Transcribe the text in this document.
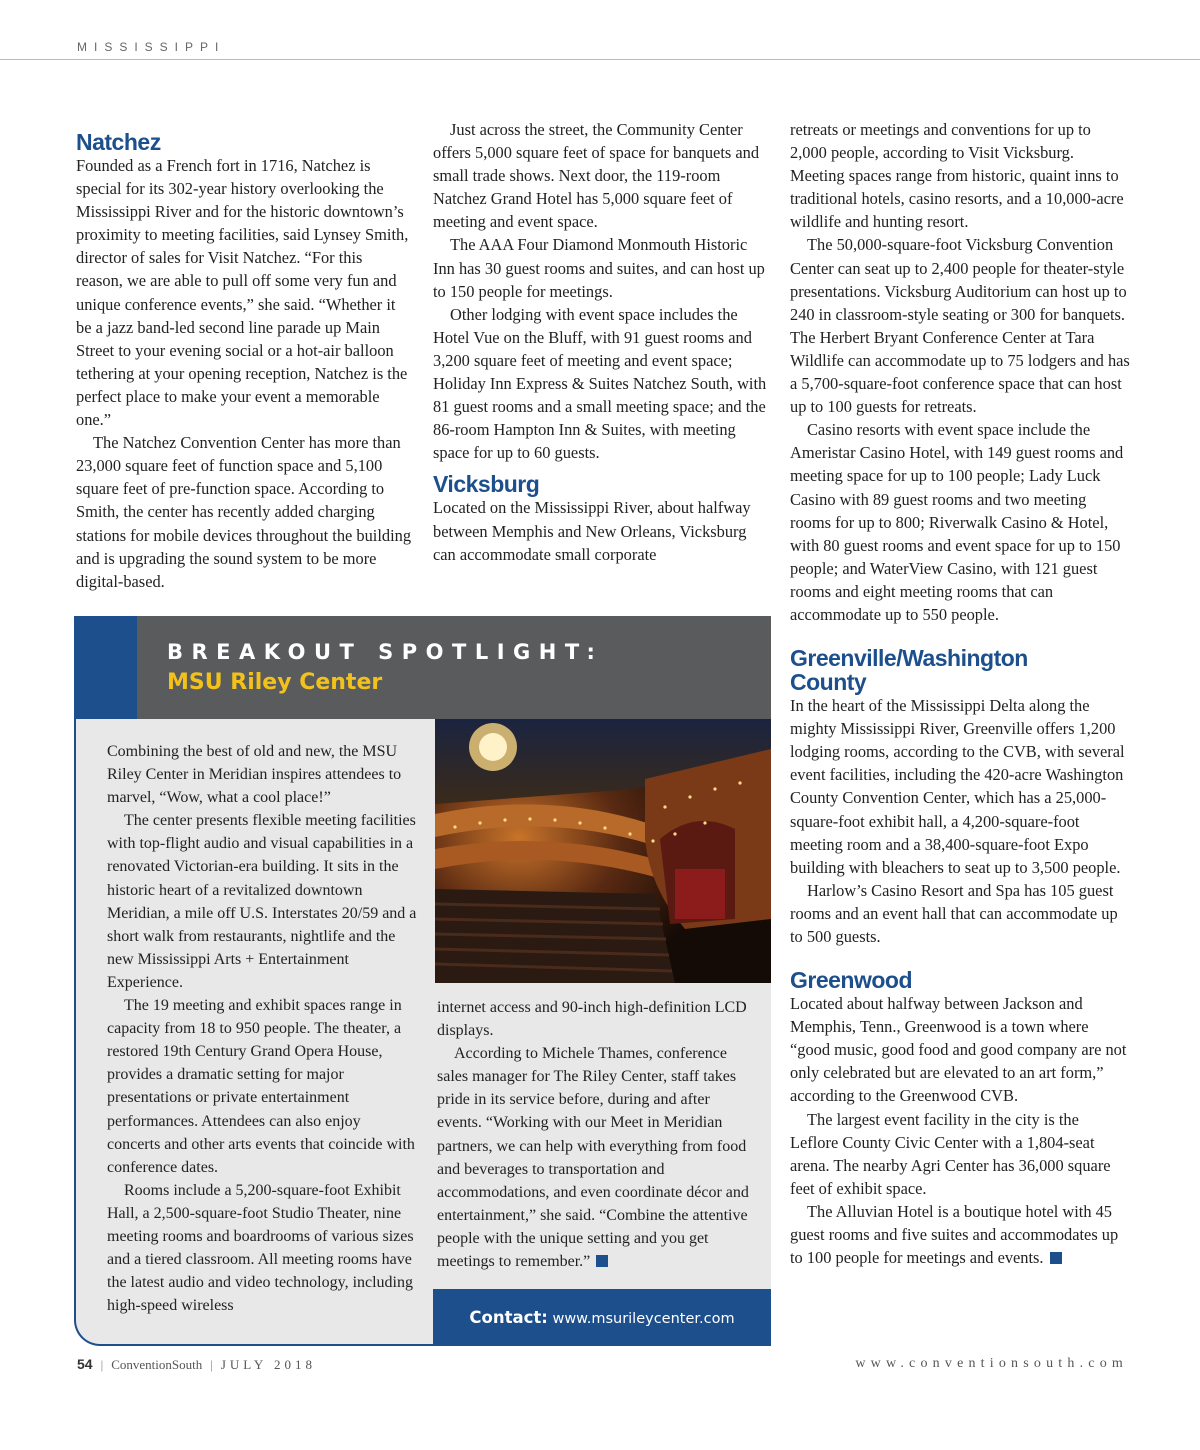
MISSISSIPPI
Natchez

Founded as a French fort in 1716, Natchez is special for its 302-year history overlooking the Mississippi River and for the historic downtown’s proximity to meeting facilities, said Lynsey Smith, director of sales for Visit Natchez. “For this reason, we are able to pull off some very fun and unique conference events,” she said. “Whether it be a jazz band-led second line parade up Main Street to your evening social or a hot-air balloon tethering at your opening reception, Natchez is the perfect place to make your event a memorable one.”

The Natchez Convention Center has more than 23,000 square feet of function space and 5,100 square feet of pre-function space. According to Smith, the center has recently added charging stations for mobile devices throughout the building and is upgrading the sound system to be more digital-based.

Just across the street, the Community Center offers 5,000 square feet of space for banquets and small trade shows. Next door, the 119-room Natchez Grand Hotel has 5,000 square feet of meeting and event space.

The AAA Four Diamond Monmouth Historic Inn has 30 guest rooms and suites, and can host up to 150 people for meetings.

Other lodging with event space includes the Hotel Vue on the Bluff, with 91 guest rooms and 3,200 square feet of meeting and event space; Holiday Inn Express & Suites Natchez South, with 81 guest rooms and a small meeting space; and the 86-room Hampton Inn & Suites, with meeting space for up to 60 guests.

Vicksburg

Located on the Mississippi River, about halfway between Memphis and New Orleans, Vicksburg can accommodate small corporate

retreats or meetings and conventions for up to 2,000 people, according to Visit Vicksburg. Meeting spaces range from historic, quaint inns to traditional hotels, casino resorts, and a 10,000-acre wildlife and hunting resort.

The 50,000-square-foot Vicksburg Convention Center can seat up to 2,400 people for theater-style presentations. Vicksburg Auditorium can host up to 240 in classroom-style seating or 300 for banquets. The Herbert Bryant Conference Center at Tara Wildlife can accommodate up to 75 lodgers and has a 5,700-square-foot conference space that can host up to 100 guests for retreats.

Casino resorts with event space include the Ameristar Casino Hotel, with 149 guest rooms and meeting space for up to 100 people; Lady Luck Casino with 89 guest rooms and two meeting rooms for up to 800; Riverwalk Casino & Hotel, with 80 guest rooms and event space for up to 150 people; and WaterView Casino, with 121 guest rooms and eight meeting rooms that can accommodate up to 550 people.

Greenville/Washington
County

In the heart of the Mississippi Delta along the mighty Mississippi River, Greenville offers 1,200 lodging rooms, according to the CVB, with several event facilities, including the 420-acre Washington County Convention Center, which has a 25,000-square-foot exhibit hall, a 4,200-square-foot meeting room and a 38,400-square-foot Expo building with bleachers to seat up to 3,500 people.

Harlow’s Casino Resort and Spa has 105 guest rooms and an event hall that can accommodate up to 500 guests.

Greenwood

Located about halfway between Jackson and Memphis, Tenn., Greenwood is a town where “good music, good food and good company are not only celebrated but are elevated to an art form,” according to the Greenwood CVB.

The largest event facility in the city is the Leflore County Civic Center with a 1,804-seat arena. The nearby Agri Center has 36,000 square feet of exhibit space.

The Alluvian Hotel is a boutique hotel with 45 guest rooms and five suites and accommodates up to 100 people for meetings and events.

BREAKOUT SPOTLIGHT:
MSU Riley Center

Combining the best of old and new, the MSU Riley Center in Meridian inspires attendees to marvel, “Wow, what a cool place!”

The center presents flexible meeting facilities with top-flight audio and visual capabilities in a renovated Victorian-era building. It sits in the historic heart of a revitalized downtown Meridian, a mile off U.S. Interstates 20/59 and a short walk from restaurants, nightlife and the new Mississippi Arts + Entertainment Experience.

The 19 meeting and exhibit spaces range in capacity from 18 to 950 people. The theater, a restored 19th Century Grand Opera House, provides a dramatic setting for major presentations or private entertainment performances. Attendees can also enjoy concerts and other arts events that coincide with conference dates.

Rooms include a 5,200-square-foot Exhibit Hall, a 2,500-square-foot Studio Theater, nine meeting rooms and boardrooms of various sizes and a tiered classroom. All meeting rooms have the latest audio and video technology, including high-speed wireless

internet access and 90-inch high-definition LCD displays.

According to Michele Thames, conference sales manager for The Riley Center, staff takes pride in its service before, during and after events. “Working with our Meet in Meridian partners, we can help with everything from food and beverages to transportation and accommodations, and even coordinate décor and entertainment,” she said. “Combine the attentive people with the unique setting and you get meetings to remember.”

Contact: www.msurileycenter.com
54 | ConventionSouth | JULY 2018	www.conventionsouth.com
